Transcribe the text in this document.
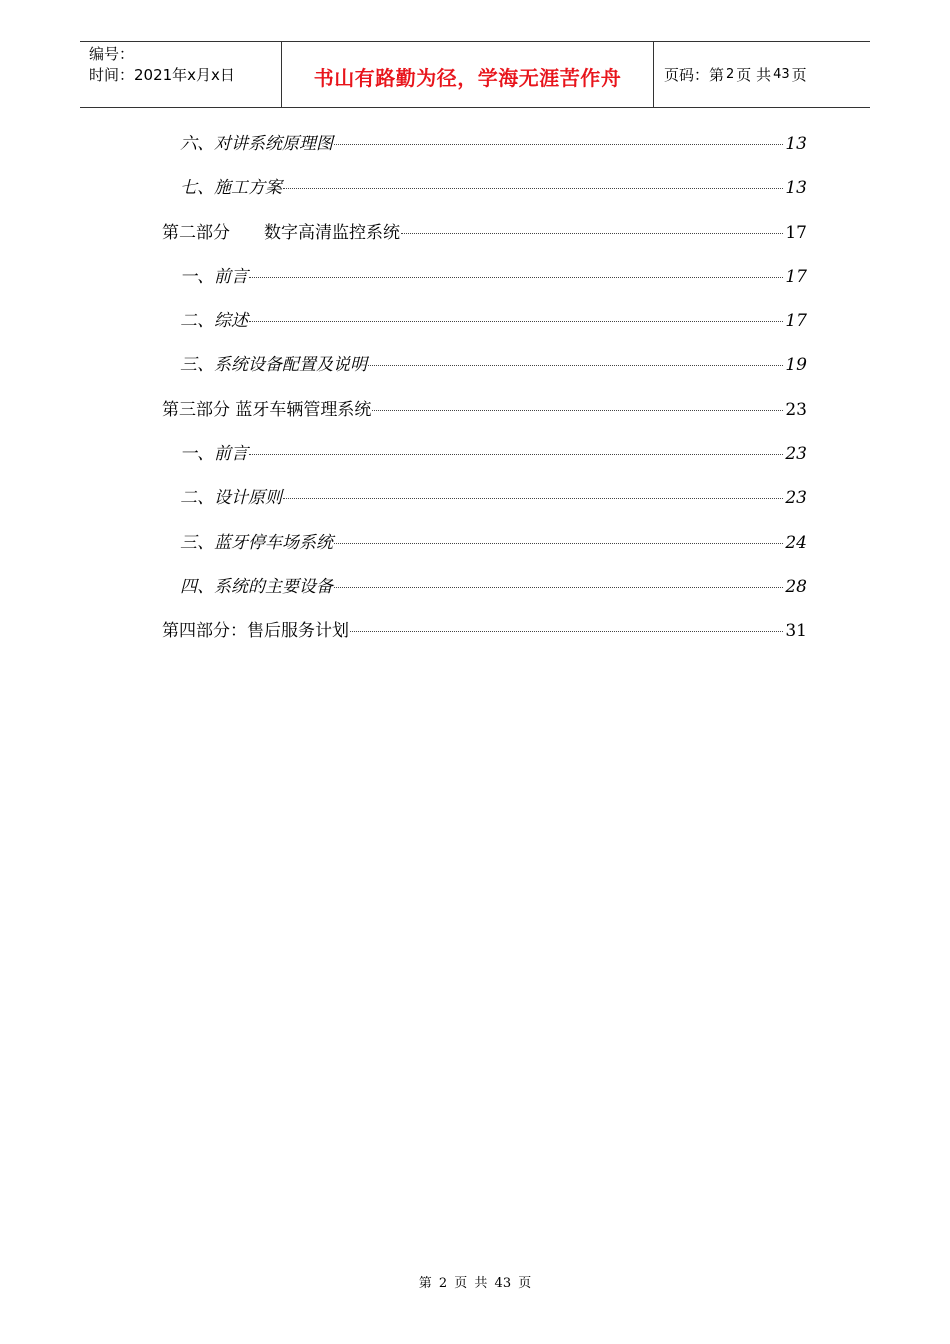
编号：
时间：2021年x月x日	书山有路勤为径，学海无涯苦作舟	页码：第 2 页 共 43 页
六、对讲系统原理图	13
七、施工方案	13
第二部分　　数字高清监控系统	17
一、前言	17
二、综述	17
三、系统设备配置及说明	19
第三部分 蓝牙车辆管理系统	23
一、前言	23
二、设计原则	23
三、蓝牙停车场系统	24
四、系统的主要设备	28
第四部分：售后服务计划	31
第 2 页 共 43 页
